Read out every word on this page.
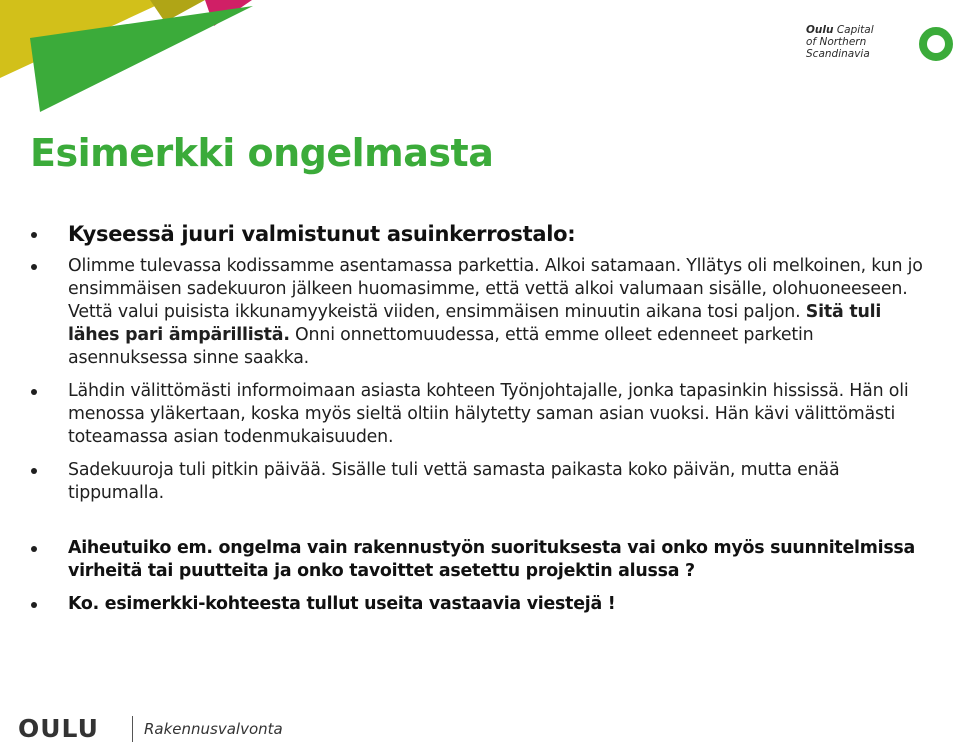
Oulu Capital
of Northern
Scandinavia
Esimerkki ongelmasta
Kyseessä juuri valmistunut asuinkerrostalo:
Olimme tulevassa kodissamme asentamassa parkettia. Alkoi satamaan. Yllätys oli melkoinen, kun jo ensimmäisen sadekuuron jälkeen huomasimme, että vettä alkoi valumaan sisälle, olohuoneeseen. Vettä valui puisista ikkunamyykeistä viiden, ensimmäisen minuutin aikana tosi paljon. Sitä tuli lähes pari ämpärillistä. Onni onnettomuudessa, että emme olleet edenneet parketin asennuksessa sinne saakka.
Lähdin välittömästi informoimaan asiasta kohteen Työnjohtajalle, jonka tapasinkin hississä. Hän oli menossa yläkertaan, koska myös sieltä oltiin hälytetty saman asian vuoksi. Hän kävi välittömästi toteamassa asian todenmukaisuuden.
Sadekuuroja tuli pitkin päivää. Sisälle tuli vettä samasta paikasta koko päivän, mutta enää tippumalla.
Aiheutuiko em. ongelma vain rakennustyön suorituksesta vai onko myös suunnitelmissa virheitä tai puutteita ja onko tavoittet asetettu projektin alussa ?
Ko. esimerkki-kohteesta tullut useita vastaavia viestejä !
OULU	Rakennusvalvonta
